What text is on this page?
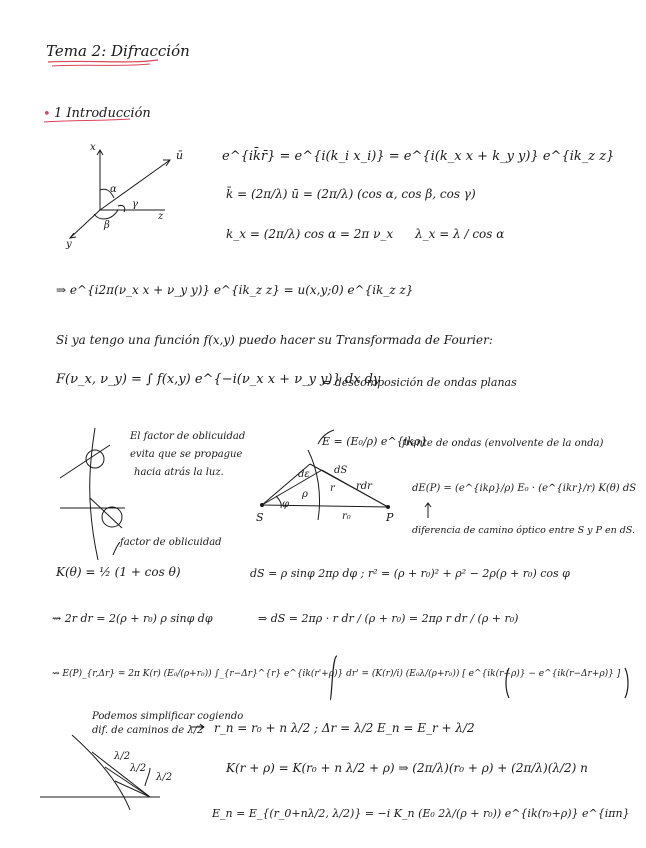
Tema 2: Difracción
• 1 Introducción
x
z
y
ū
α
β
γ
e^{ik̄r̄} = e^{i(k_i x_i)} = e^{i(k_x x + k_y y)} e^{ik_z z}
k̄ = (2π/λ) ū = (2π/λ) (cos α, cos β, cos γ)
k_x = (2π/λ) cos α = 2π ν_x λ_x = λ / cos α
⇒ e^{i2π(ν_x x + ν_y y)} e^{ik_z z} = u(x,y;0) e^{ik_z z}
Si ya tengo una función f(x,y) puedo hacer su Transformada de Fourier:
F(ν_x, ν_y) = ∫ f(x,y) e^{−i(ν_x x + ν_y y)} dx dy
⇒ descomposición de ondas planas
El factor de oblicuidad
evita que se propague
hacia atrás la luz.
E = (E₀/ρ) e^{ikρ}
frente de ondas (envolvente de la onda)
dS
dε
r rdr
ρ
φ
S	r₀	P
dE(P) = (e^{ikρ}/ρ) E₀ · (e^{ikr}/r) K(θ) dS
diferencia de camino óptico entre S y P en dS.
factor de oblicuidad
K(θ) = ½ (1 + cos θ)	dS = ρ sinφ 2πρ dφ ; r² = (ρ + r₀)² + ρ² − 2ρ(ρ + r₀) cos φ
⇝ 2r dr = 2(ρ + r₀) ρ sinφ dφ	⇒ dS = 2πρ · r dr / (ρ + r₀) = 2πρ r dr / (ρ + r₀)
⇝ E(P)_{r,Δr} = 2π K(r) (E₀/(ρ+r₀)) ∫_{r−Δr}^{r} e^{ik(r'+ρ)} dr' = (K(r)/i) (E₀λ/(ρ+r₀)) [ e^{ik(r+ρ)} − e^{ik(r−Δr+ρ)} ]
Podemos simplificar cogiendo
dif. de caminos de λ/2 r_n = r₀ + n λ/2 ; Δr = λ/2 E_n = E_r + λ/2
λ/2
λ/2
λ/2
K(r + ρ) = K(r₀ + n λ/2 + ρ) ⇒ (2π/λ)(r₀ + ρ) + (2π/λ)(λ/2) n
E_n = E_{(r_0+nλ/2, λ/2)} = −i K_n (E₀ 2λ/(ρ + r₀)) e^{ik(r₀+ρ)} e^{iπn}
